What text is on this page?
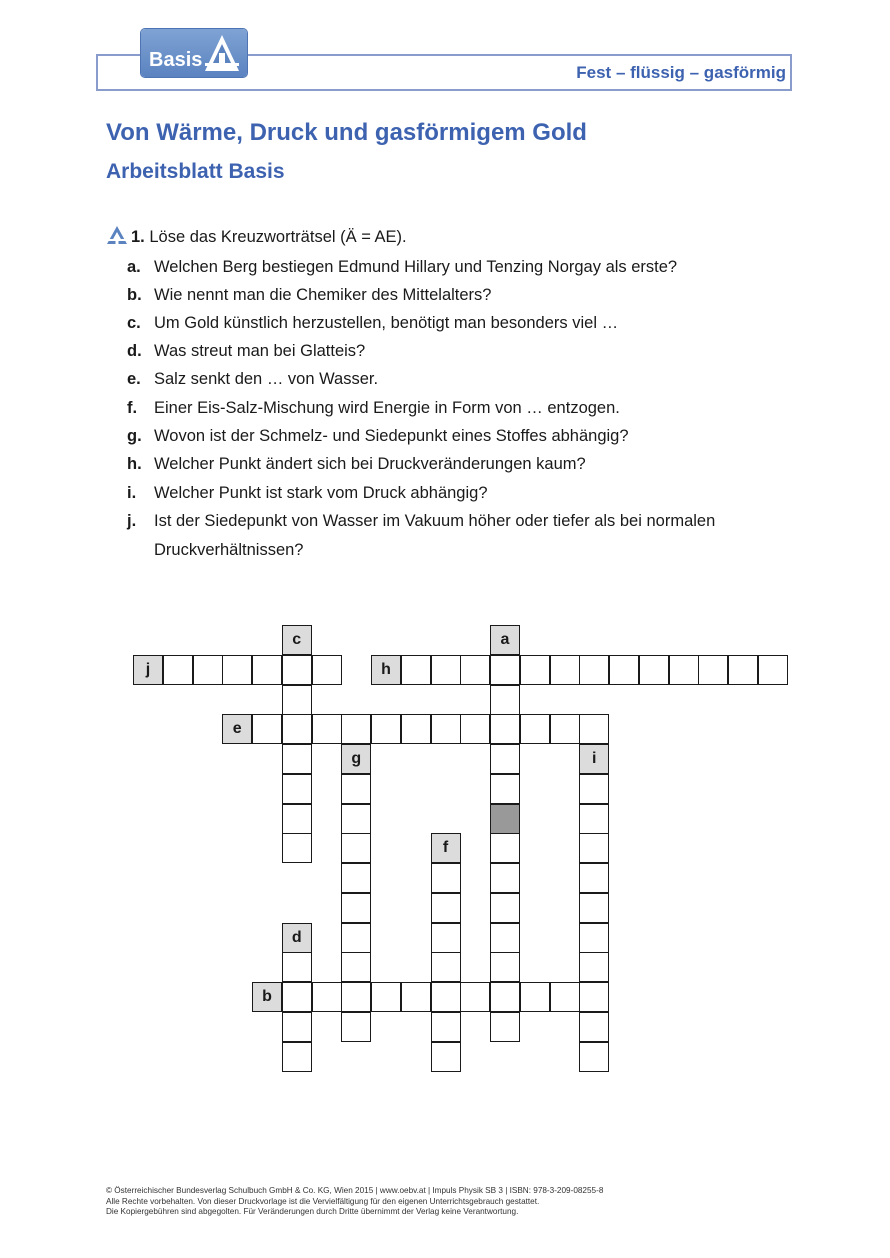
Basis
Fest – flüssig – gasförmig
Von Wärme, Druck und gasförmigem Gold
Arbeitsblatt Basis
1. Löse das Kreuzworträtsel (Ä = AE).
a. Welchen Berg bestiegen Edmund Hillary und Tenzing Norgay als erste?
b. Wie nennt man die Chemiker des Mittelalters?
c. Um Gold künstlich herzustellen, benötigt man besonders viel …
d. Was streut man bei Glatteis?
e. Salz senkt den … von Wasser.
f. Einer Eis-Salz-Mischung wird Energie in Form von … entzogen.
g. Wovon ist der Schmelz- und Siedepunkt eines Stoffes abhängig?
h. Welcher Punkt ändert sich bei Druckveränderungen kaum?
i. Welcher Punkt ist stark vom Druck abhängig?
j. Ist der Siedepunkt von Wasser im Vakuum höher oder tiefer als bei normalen Druckverhältnissen?
a
b
c
d
e
f
g
h
i
j
© Österreichischer Bundesverlag Schulbuch GmbH & Co. KG, Wien 2015 | www.oebv.at | Impuls Physik SB 3 | ISBN: 978-3-209-08255-8
Alle Rechte vorbehalten. Von dieser Druckvorlage ist die Vervielfältigung für den eigenen Unterrichtsgebrauch gestattet.
Die Kopiergebühren sind abgegolten. Für Veränderungen durch Dritte übernimmt der Verlag keine Verantwortung.
